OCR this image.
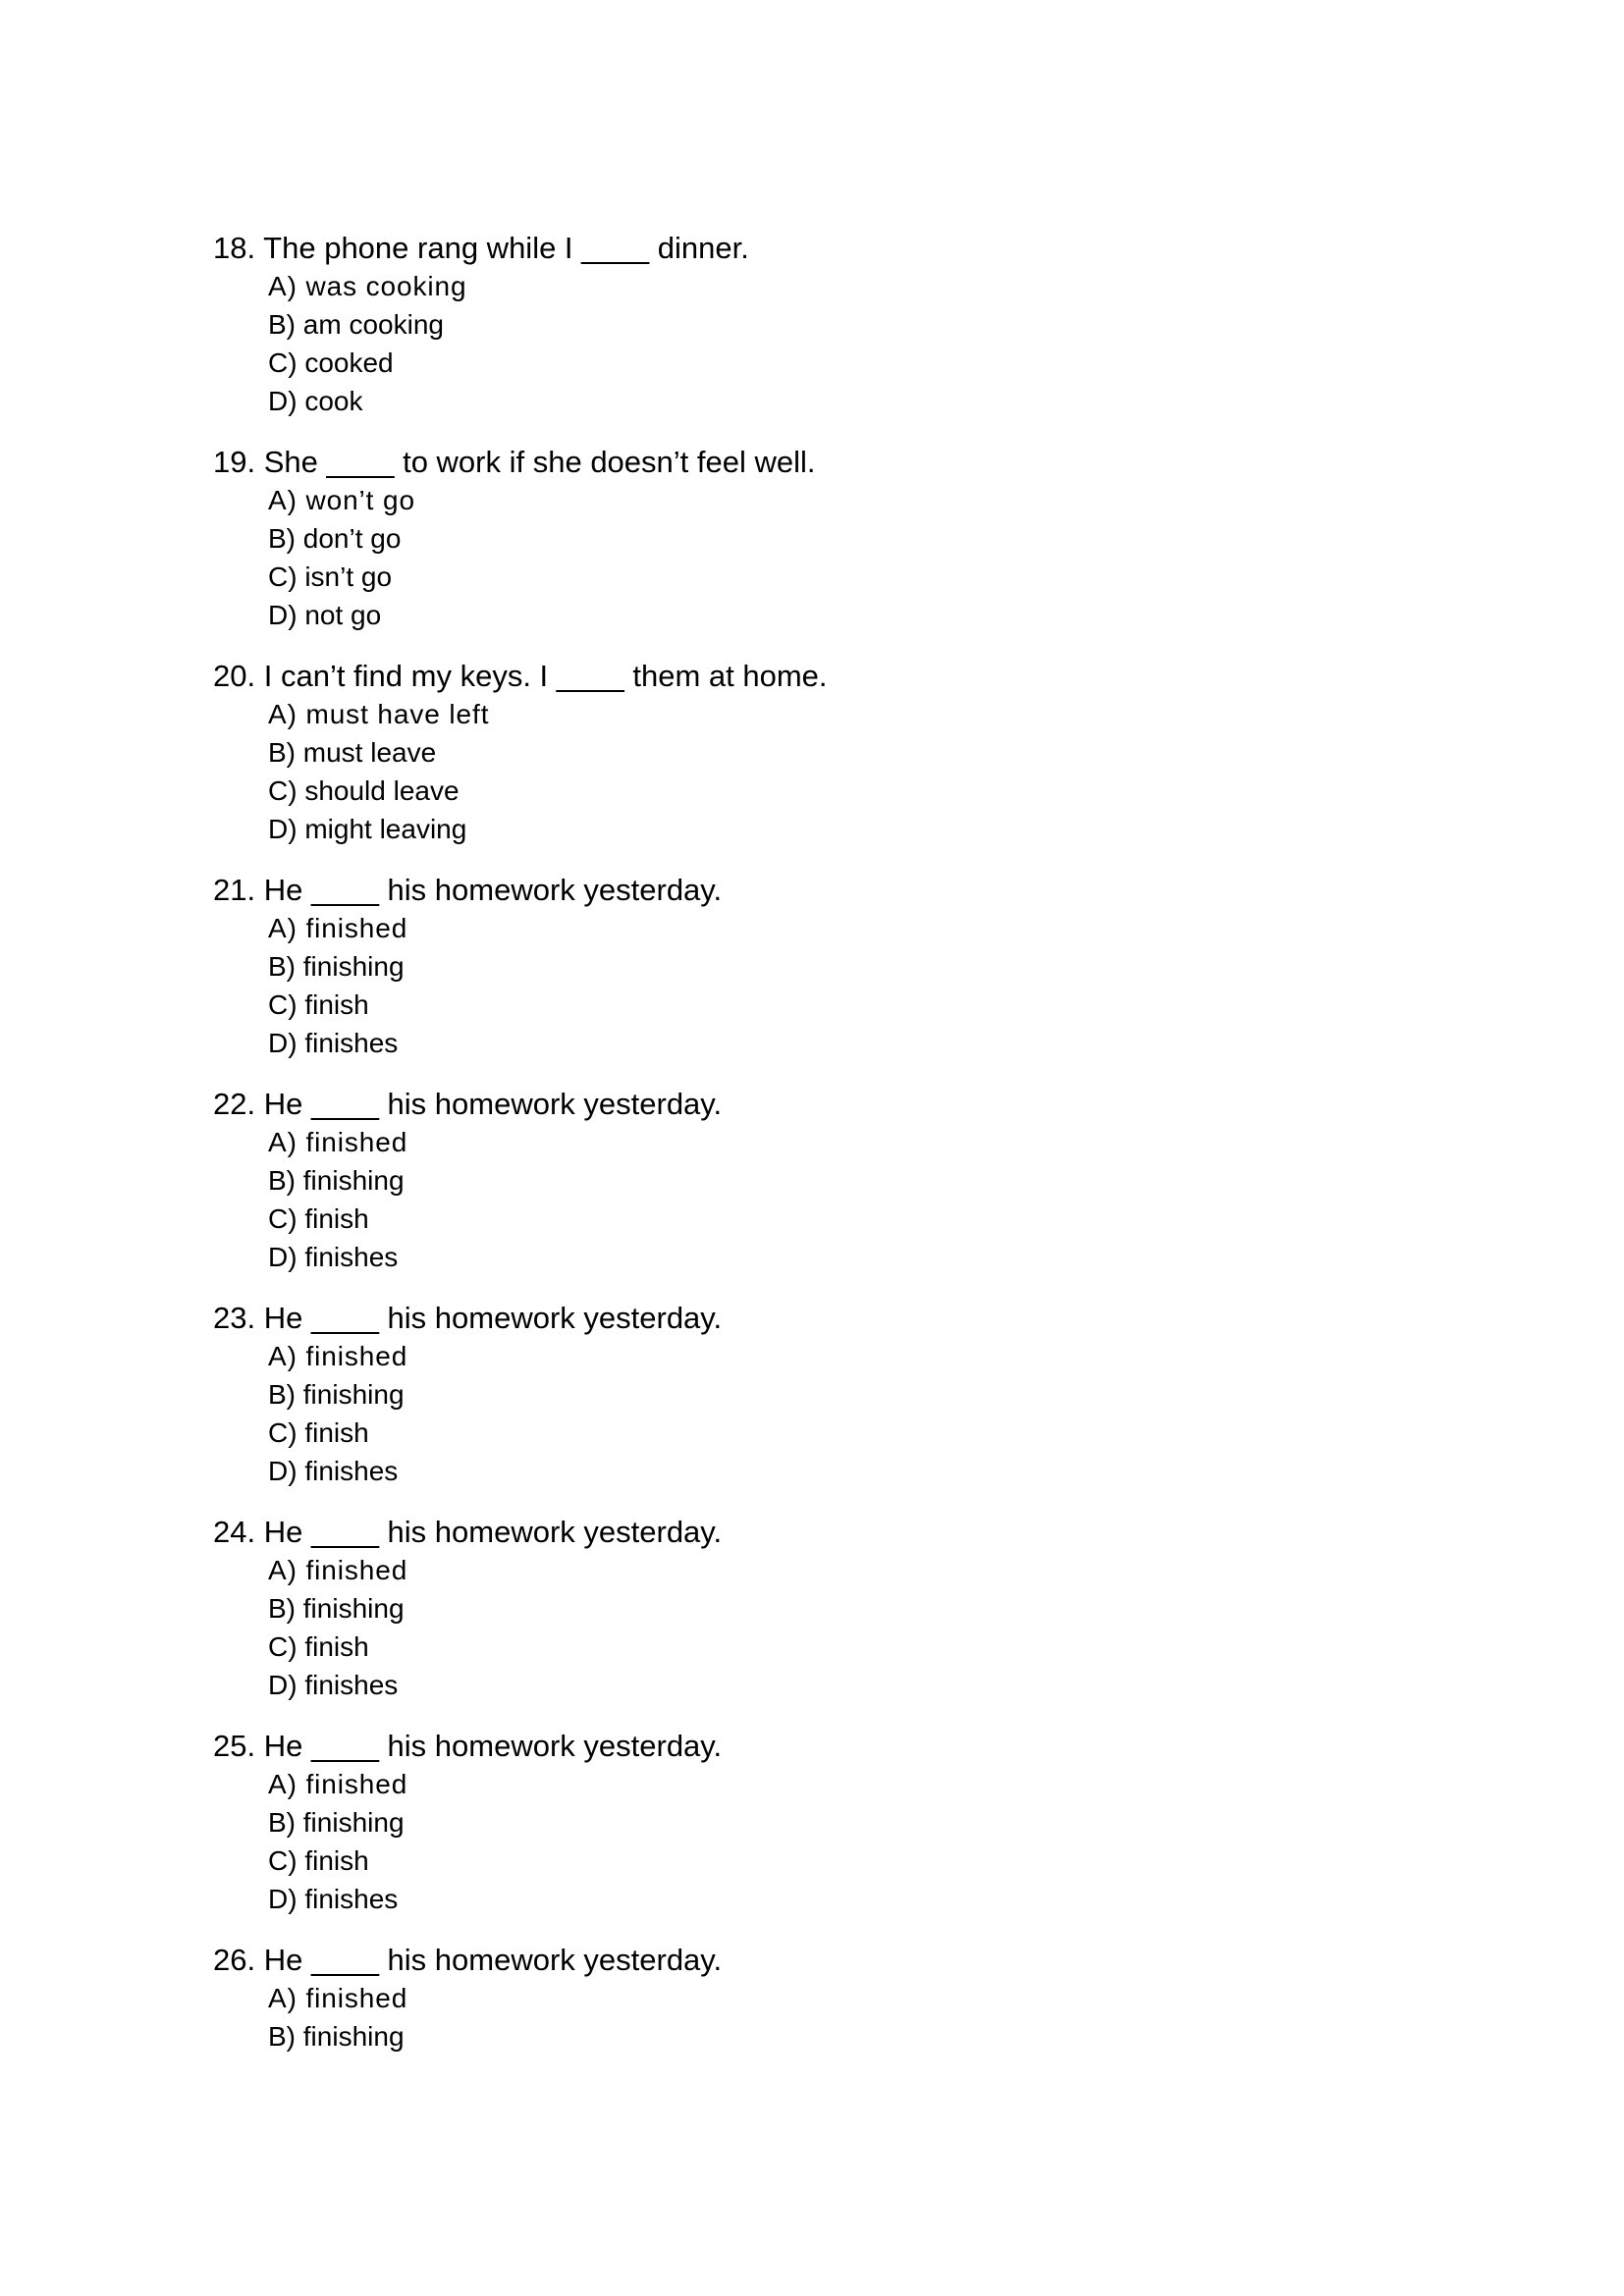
18. The phone rang while I ____ dinner.
A) was cooking
B) am cooking
C) cooked
D) cook
19. She ____ to work if she doesn’t feel well.
A) won’t go
B) don’t go
C) isn’t go
D) not go
20. I can’t find my keys. I ____ them at home.
A) must have left
B) must leave
C) should leave
D) might leaving
21. He ____ his homework yesterday.
A) finished
B) finishing
C) finish
D) finishes
22. He ____ his homework yesterday.
A) finished
B) finishing
C) finish
D) finishes
23. He ____ his homework yesterday.
A) finished
B) finishing
C) finish
D) finishes
24. He ____ his homework yesterday.
A) finished
B) finishing
C) finish
D) finishes
25. He ____ his homework yesterday.
A) finished
B) finishing
C) finish
D) finishes
26. He ____ his homework yesterday.
A) finished
B) finishing
